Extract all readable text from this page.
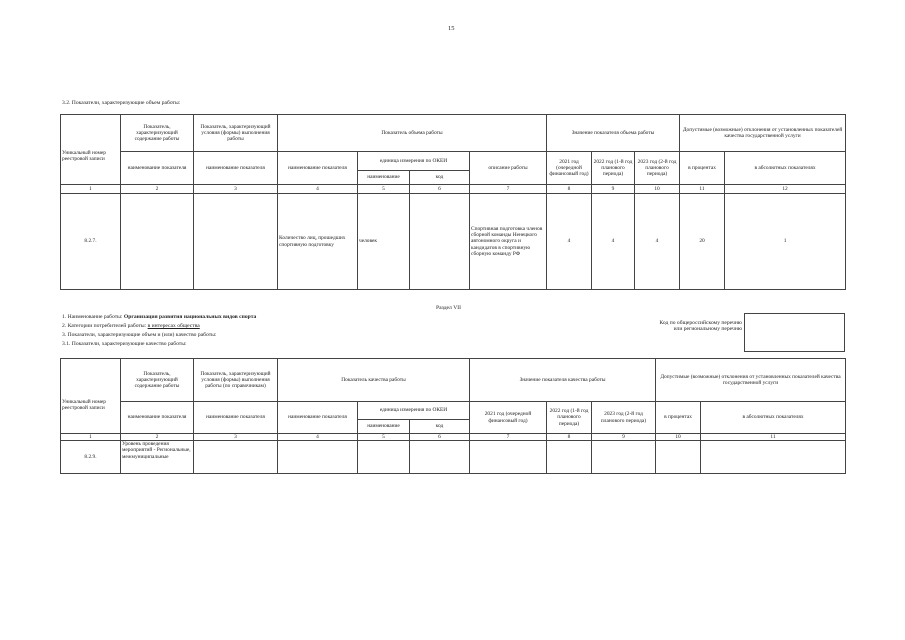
15
3.2. Показатели, характеризующие объем работы:
Уникальный номер реестровой записи	Показатель, характеризующий содержание работы	Показатель, характеризующий условия (формы) выполнения работы	Показатель объема работы				Значение показателя объема работы			Допустимые (возможные) отклонения от установленных показателей качества государственной услуги	
	наименование показателя	наименование показателя	наименование показателя	единица измерения по ОКЕИ		описание работы	2021 год (очередной финансовый год)	2022 год (1-й год планового периода)	2023 год (2-й год планового периода)	в процентах	в абсолютных показателях
				наименование	код						
1	2	3	4	5	6	7	8	9	10	11	12
8.2.7.			Количество лиц, прошедших спортивную подготовку	человек		Спортивная подготовка членов сборной команды Ненецкого автономного округа и кандидатов в спортивную сборную команду РФ	4	4	4	20	1
Раздел VII
1. Наименование работы: Организация развития национальных видов спорта
2. Категории потребителей работы: в интересах общества
3. Показатели, характеризующие объем и (или) качество работы:
3.1. Показатели, характеризующие качество работы:
Код по общероссийскому перечню или региональному перечню
Уникальный номер реестровой записи	Показатель, характеризующий содержание работы	Показатель, характеризующий условия (формы) выполнения работы (по справочникам)	Показатель качества работы			Значение показателя качества работы			Допустимые (возможные) отклонения от установленных показателей качества государственной услуги	
	наименование показателя	наименование показателя	наименование показателя	единица измерения по ОКЕИ		2021 год (очередной финансовый год)	2022 год (1-й год планового периода)	2023 год (2-й год планового периода)	в процентах	в абсолютных показателях
				наименование	код					
1	2	3	4	5	6	7	8	9	10	11
8.2.9.	Уровень проведения мероприятий - Региональные, межмуниципальные									
